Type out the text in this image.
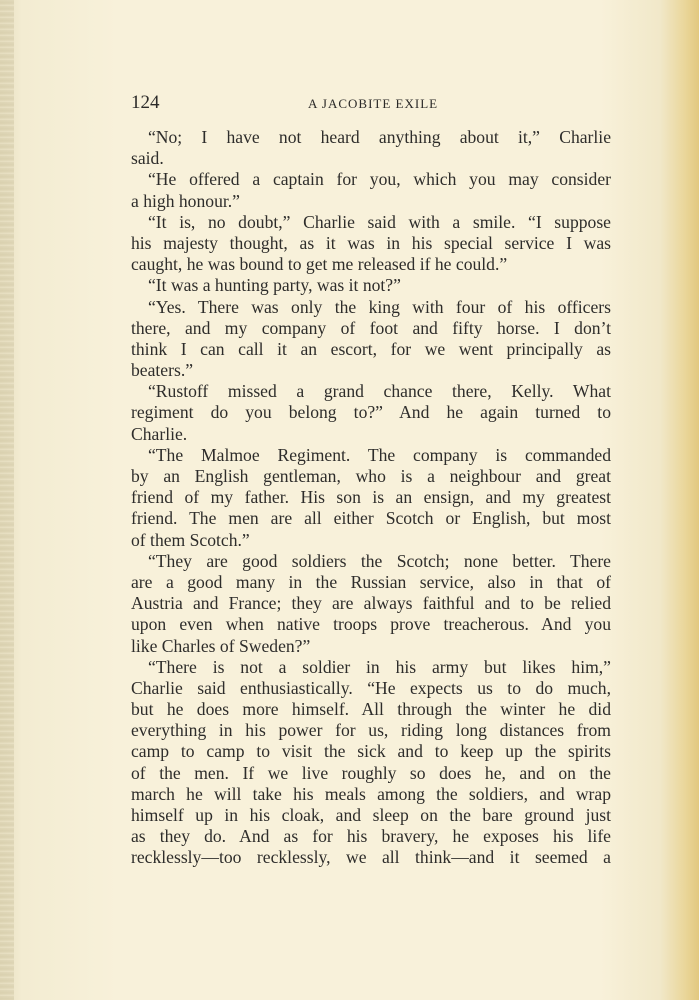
124	A JACOBITE EXILE
“No; I have not heard anything about it,” Charlie
said.
“He offered a captain for you, which you may consider
a high honour.”
“It is, no doubt,” Charlie said with a smile. “I suppose
his majesty thought, as it was in his special service I was
caught, he was bound to get me released if he could.”
“It was a hunting party, was it not?”
“Yes. There was only the king with four of his officers
there, and my company of foot and fifty horse. I don’t
think I can call it an escort, for we went principally as
beaters.”
“Rustoff missed a grand chance there, Kelly. What
regiment do you belong to?” And he again turned to
Charlie.
“The Malmoe Regiment. The company is commanded
by an English gentleman, who is a neighbour and great
friend of my father. His son is an ensign, and my greatest
friend. The men are all either Scotch or English, but most
of them Scotch.”
“They are good soldiers the Scotch; none better. There
are a good many in the Russian service, also in that of
Austria and France; they are always faithful and to be relied
upon even when native troops prove treacherous. And you
like Charles of Sweden?”
“There is not a soldier in his army but likes him,”
Charlie said enthusiastically. “He expects us to do much,
but he does more himself. All through the winter he did
everything in his power for us, riding long distances from
camp to camp to visit the sick and to keep up the spirits
of the men. If we live roughly so does he, and on the
march he will take his meals among the soldiers, and wrap
himself up in his cloak, and sleep on the bare ground just
as they do. And as for his bravery, he exposes his life
recklessly—too recklessly, we all think—and it seemed a
